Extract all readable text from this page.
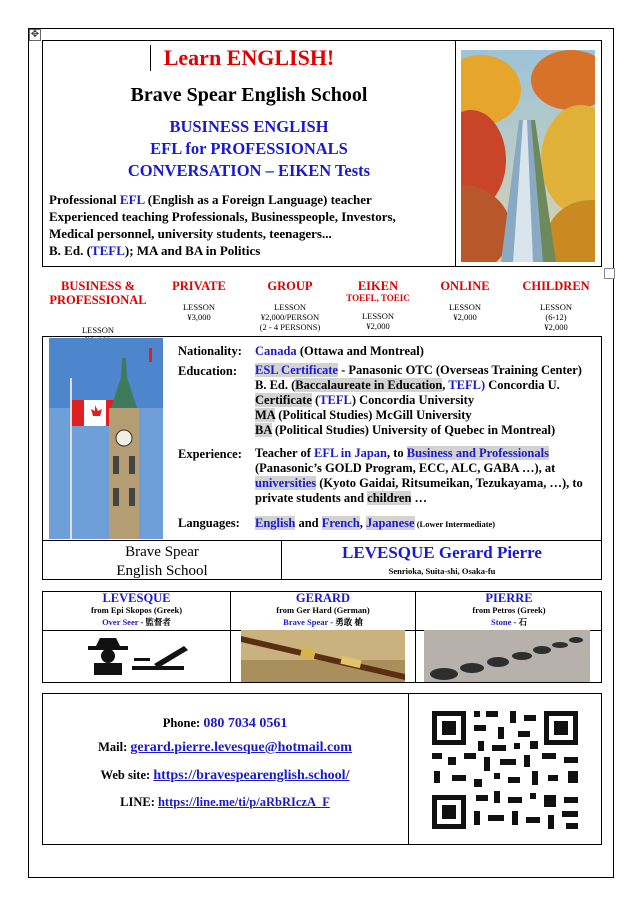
✥
Learn ENGLISH!
Brave Spear English School
BUSINESS ENGLISH
EFL for PROFESSIONALS
CONVERSATION – EIKEN Tests
Professional EFL (English as a Foreign Language) teacher
Experienced teaching Professionals, Businesspeople, Investors,
Medical personnel, university students, teenagers...
B. Ed. (TEFL); MA and BA in Politics
BUSINESS &
PROFESSIONAL
LESSON
PRIVATE
LESSON
¥3,000
GROUP
LESSON
¥2,000/PERSON
(2 - 4 PERSONS)
EIKEN
TOEFL, TOEIC
LESSON
¥2,000
ONLINE
LESSON
¥2,000
CHILDREN
LESSON
(6-12)
¥2,000
Nationality: Canada (Ottawa and Montreal)
Education: ESL Certificate - Panasonic OTC (Overseas Training Center)
B. Ed. (Baccalaureate in Education, TEFL) Concordia U.
Certificate (TEFL) Concordia University
MA (Political Studies) McGill University
BA (Political Studies) University of Quebec in Montreal)
Experience: Teacher of EFL in Japan, to Business and Professionals
(Panasonic’s GOLD Program, ECC, ALC, GABA …), at
universities (Kyoto Gaidai, Ritsumeikan, Tezukayama, …), to
private students and children …
Languages: English and French, Japanese (Lower Intermediate)
Brave Spear
English School
LEVESQUE Gerard Pierre
Senrioka, Suita-shi, Osaka-fu
LEVESQUE
from Epi Skopos (Greek)
Over Seer - 監督者
GERARD
from Ger Hard (German)
Brave Spear - 勇敢 槍
PIERRE
from Petros (Greek)
Stone - 石
Phone: 080 7034 0561
Mail: gerard.pierre.levesque@hotmail.com
Web site: https://bravespearenglish.school/
LINE: https://line.me/ti/p/aRbRIczA_F
